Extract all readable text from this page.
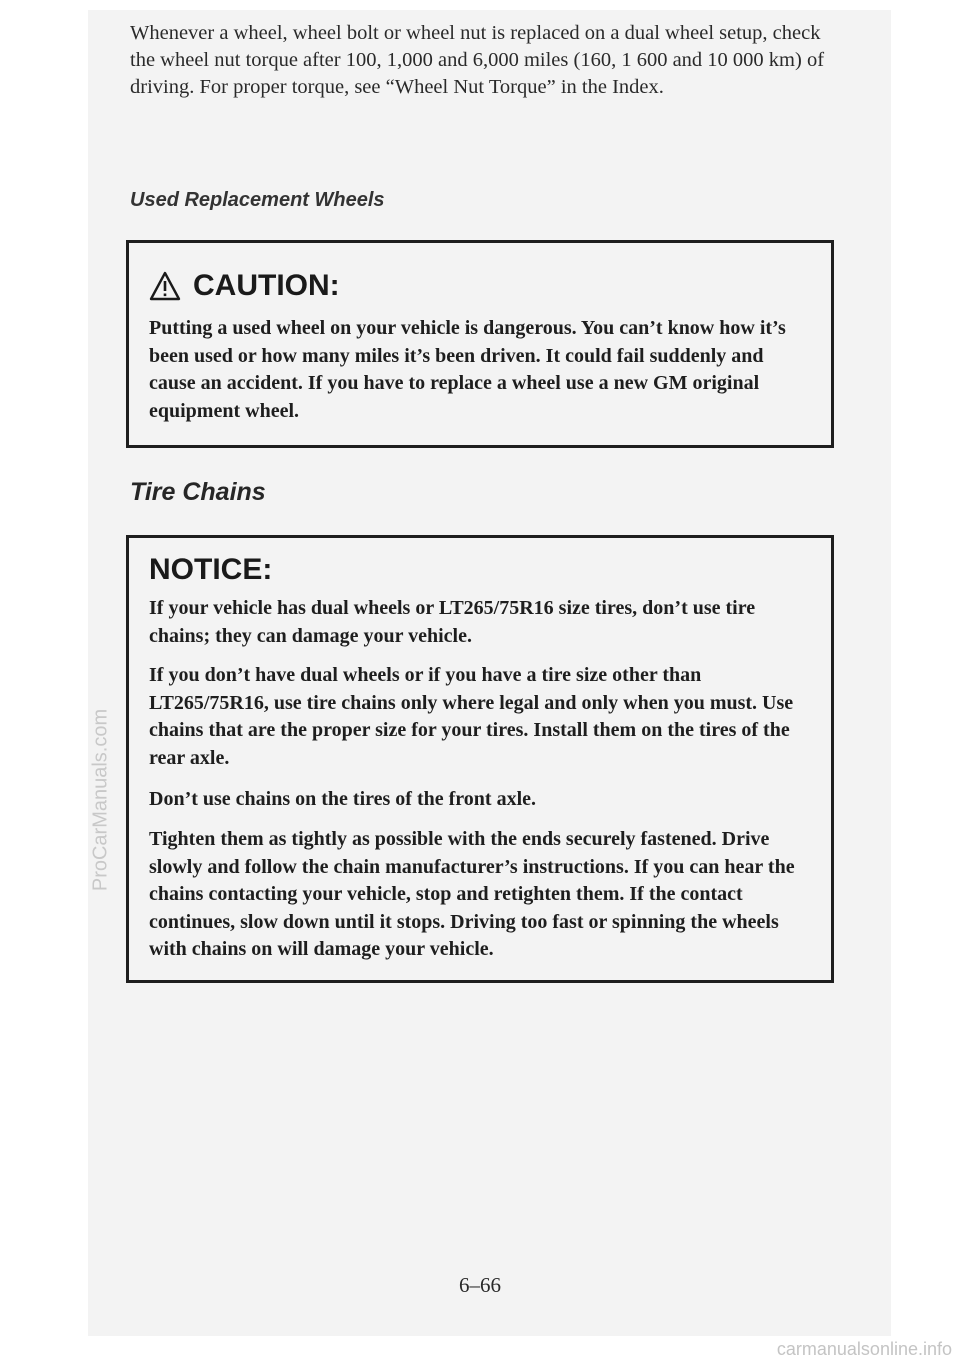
Whenever a wheel, wheel bolt or wheel nut is replaced on a dual wheel setup, check the wheel nut torque after 100, 1,000 and 6,000 miles (160, 1 600 and 10 000 km) of driving. For proper torque, see “Wheel Nut Torque” in the Index.

Used Replacement Wheels
CAUTION:

Putting a used wheel on your vehicle is dangerous. You can’t know how it’s been used or how many miles it’s been driven. It could fail suddenly and cause an accident. If you have to replace a wheel use a new GM original equipment wheel.

Tire Chains
NOTICE:

If your vehicle has dual wheels or LT265/75R16 size tires, don’t use tire chains; they can damage your vehicle.

If you don’t have dual wheels or if you have a tire size other than LT265/75R16, use tire chains only where legal and only when you must. Use chains that are the proper size for your tires. Install them on the tires of the rear axle.

Don’t use chains on the tires of the front axle.

Tighten them as tightly as possible with the ends securely fastened. Drive slowly and follow the chain manufacturer’s instructions. If you can hear the chains contacting your vehicle, stop and retighten them. If the contact continues, slow down until it stops. Driving too fast or spinning the wheels with chains on will damage your vehicle.

ProCarManuals.com

6–66

carmanualsonline.info
